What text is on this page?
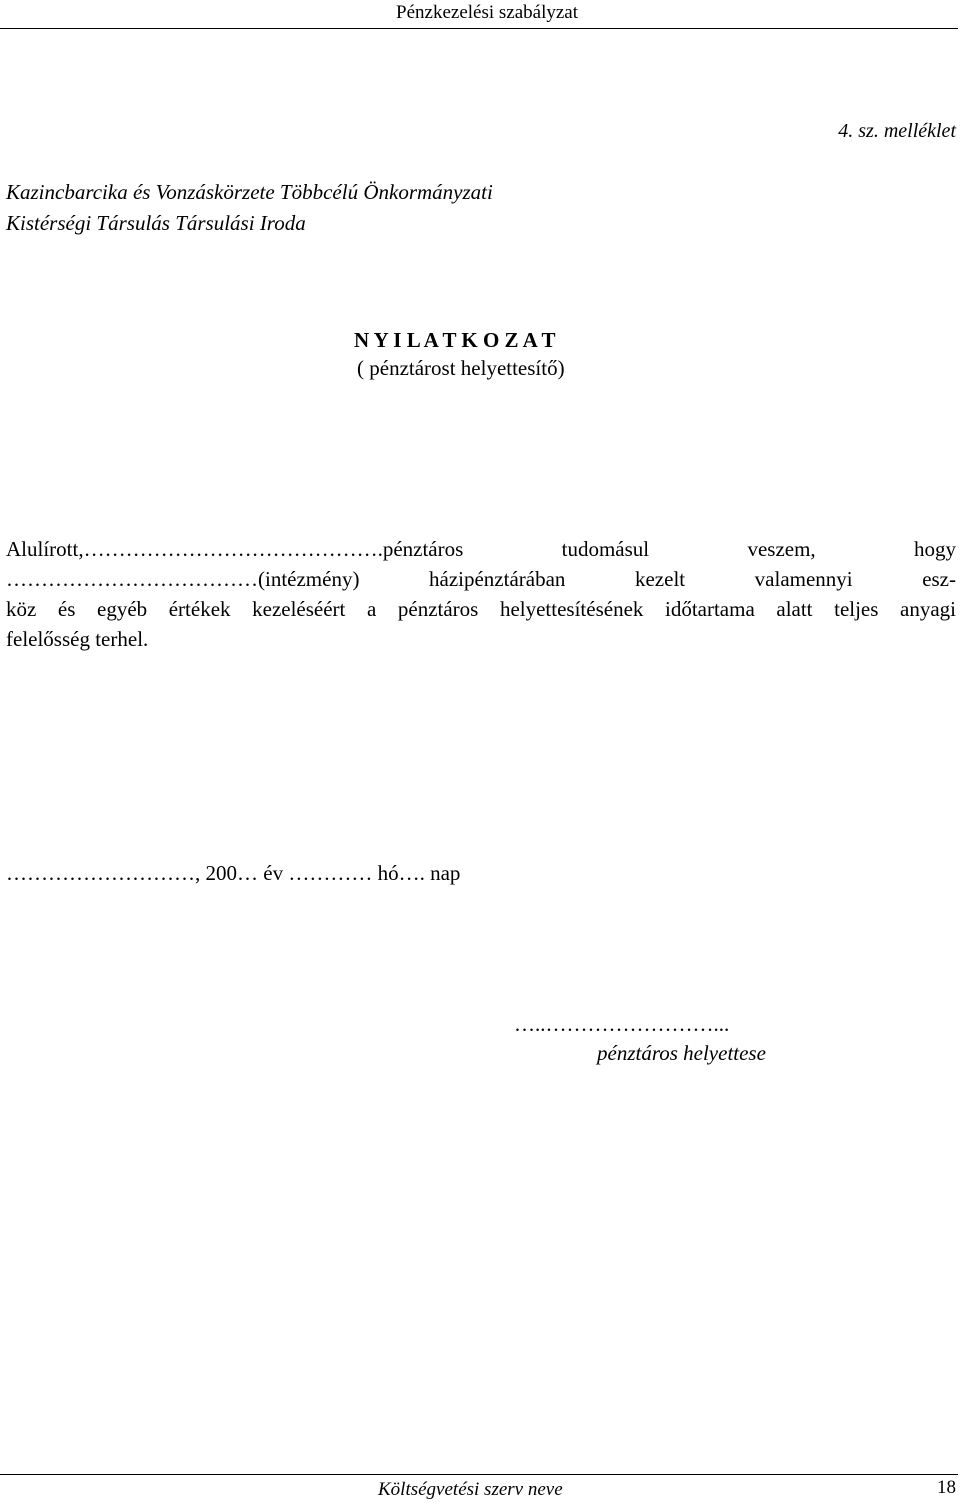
Pénzkezelési szabályzat
4. sz. melléklet
Kazincbarcika és Vonzáskörzete Többcélú Önkormányzati
Kistérségi Társulás Társulási Iroda
N Y I L A T K O Z A T
( pénztárost helyettesítő)
Alulírott,…………………………………….pénztáros tudomásul veszem, hogy
………………………………(intézmény) házipénztárában kezelt valamennyi esz-
köz és egyéb értékek kezeléséért a pénztáros helyettesítésének időtartama alatt teljes anyagi
felelősség terhel.
………………………, 200… év ………… hó…. nap
…..……………………...
pénztáros helyettese
Költségvetési szerv neve	18
